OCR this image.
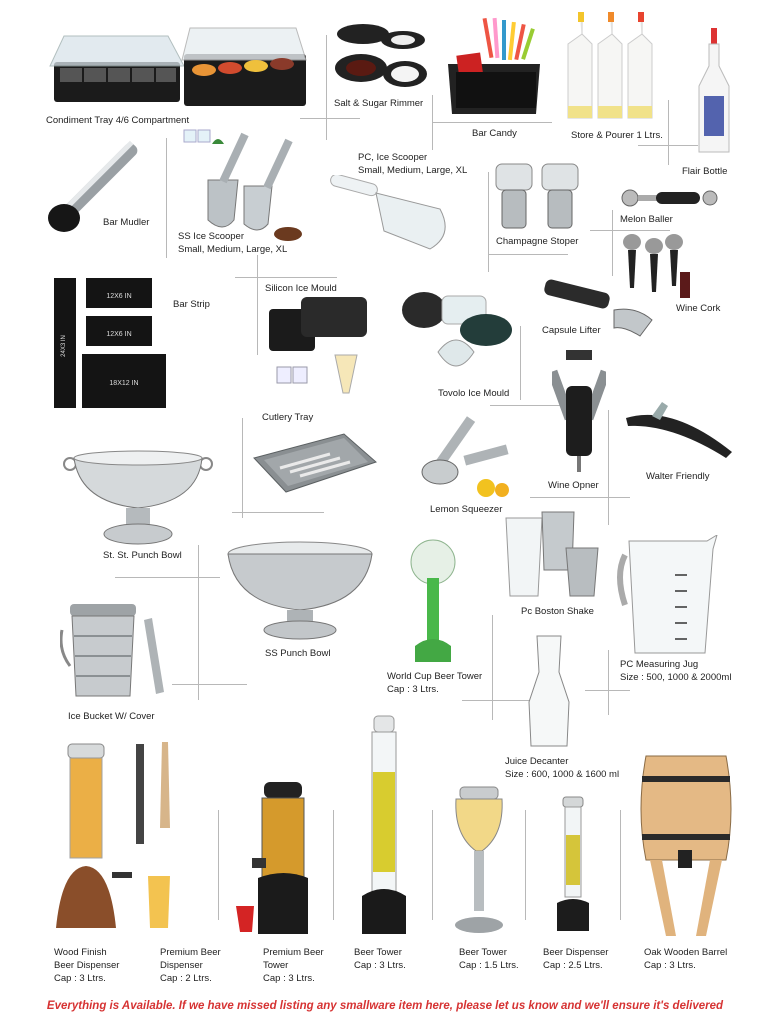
12X6 IN
12X6 IN
18X12 IN
24X3 IN
Condiment Tray 4/6 Compartment
Salt & Sugar Rimmer
Bar Candy	Store & Pourer 1 Ltrs.
Flair Bottle
PC, Ice Scooper
Small, Medium, Large, XL
Bar Mudler
SS Ice Scooper
Small, Medium, Large, XL
Champagne Stoper
Melon Baller
Bar Strip
Silicon Ice Mould
Wine Cork
Capsule Lifter
Tovolo Ice Mould
Cutlery Tray
Walter Friendly
Wine Opner
Lemon Squeezer
St. St. Punch Bowl
Pc Boston Shake
SS Punch Bowl
World Cup Beer Tower
Cap : 3 Ltrs.
PC Measuring Jug
Size : 500, 1000 & 2000ml
Ice Bucket W/ Cover
Juice Decanter
Size : 600, 1000 & 1600 ml
Wood Finish
Beer Dispenser
Cap : 3 Ltrs.
Premium Beer
Dispenser
Cap : 2 Ltrs.
Premium Beer
Tower
Cap : 3 Ltrs.
Beer Tower
Cap : 3 Ltrs.
Beer Tower
Cap : 1.5 Ltrs.
Beer Dispenser
Cap : 2.5 Ltrs.
Oak Wooden Barrel
Cap : 3 Ltrs.
Everything is Available. If we have missed listing any smallware item here, please let us know and we'll ensure it's delivered
